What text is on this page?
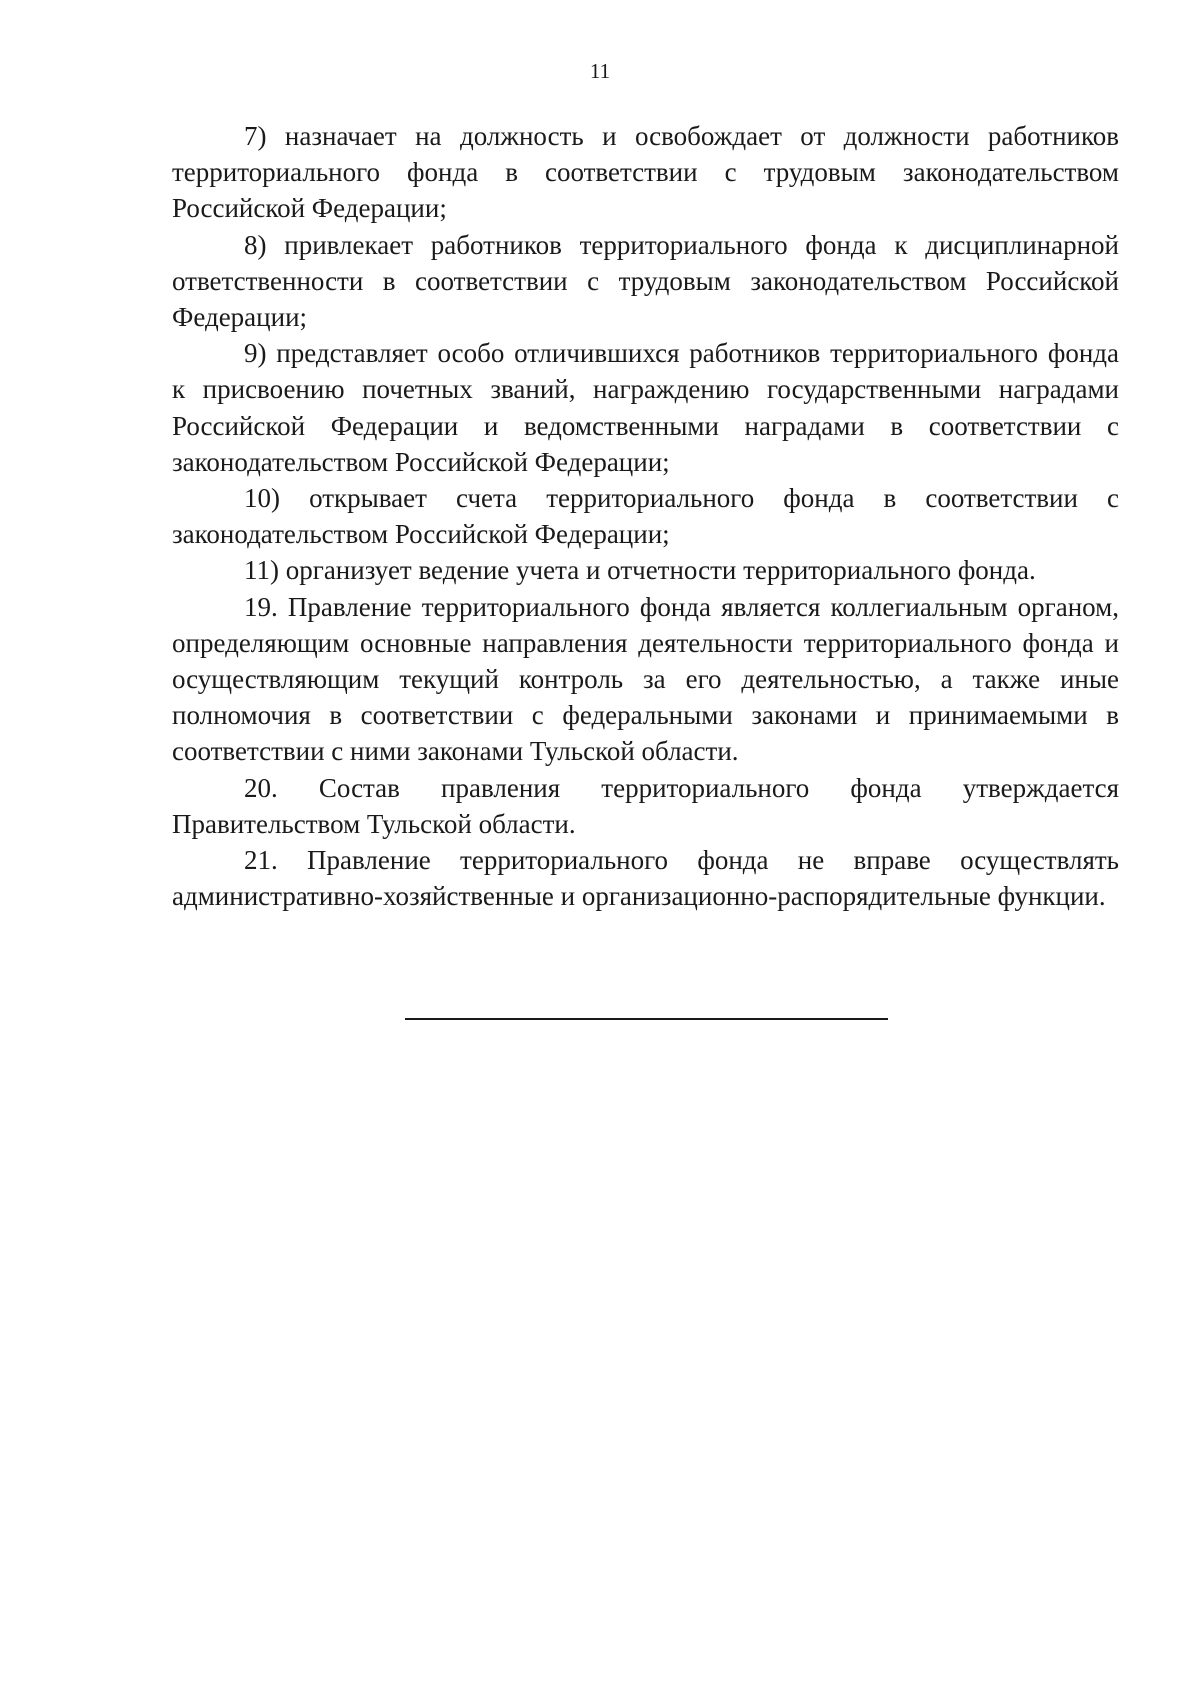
11

7) назначает на должность и освобождает от должности работников территориального фонда в соответствии с трудовым законодательством Российской Федерации;

8) привлекает работников территориального фонда к дисциплинарной ответственности в соответствии с трудовым законодательством Российской Федерации;

9) представляет особо отличившихся работников территориального фонда к присвоению почетных званий, награждению государственными наградами Российской Федерации и ведомственными наградами в соответствии с законодательством Российской Федерации;

10) открывает счета территориального фонда в соответствии с законодательством Российской Федерации;

11) организует ведение учета и отчетности территориального фонда.

19. Правление территориального фонда является коллегиальным органом, определяющим основные направления деятельности территориального фонда и осуществляющим текущий контроль за его деятельностью, а также иные полномочия в соответствии с федеральными законами и принимаемыми в соответствии с ними законами Тульской области.

20. Состав правления территориального фонда утверждается Правительством Тульской области.

21. Правление территориального фонда не вправе осуществлять административно-хозяйственные и организационно-распорядительные функции.
